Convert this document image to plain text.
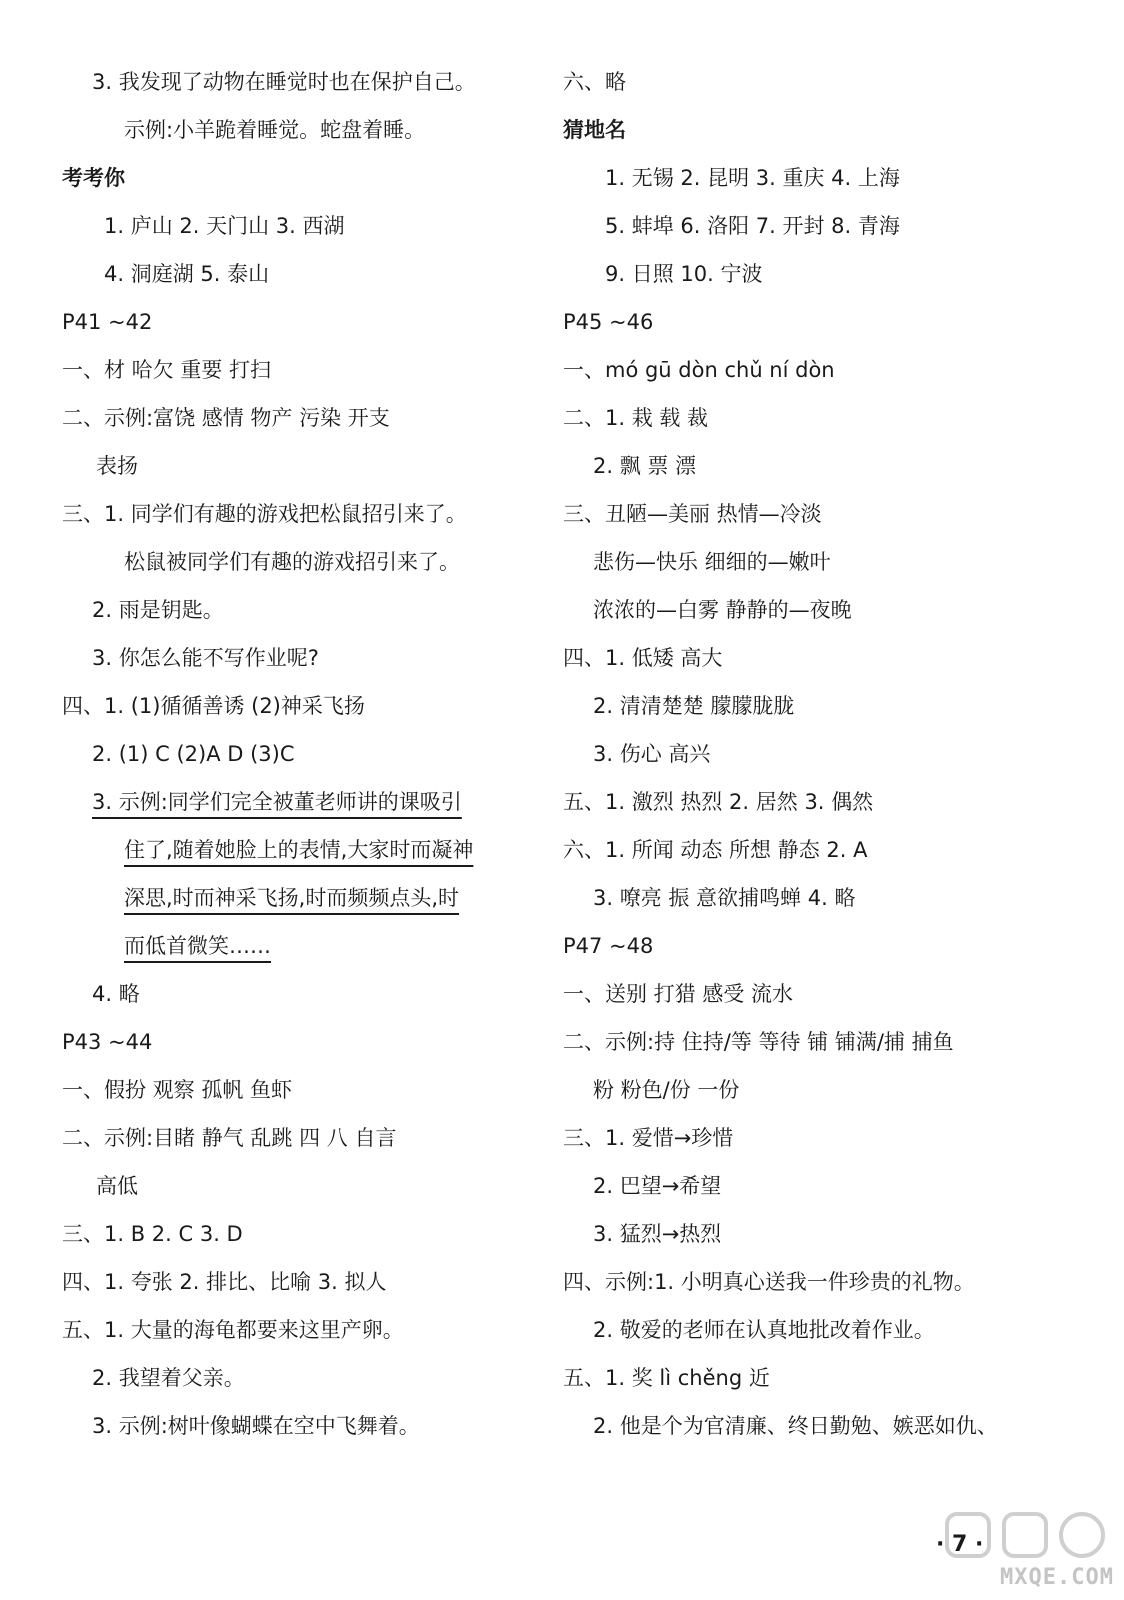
3. 我发现了动物在睡觉时也在保护自己。
示例:小羊跪着睡觉。蛇盘着睡。
考考你
1. 庐山 2. 天门山 3. 西湖
4. 洞庭湖 5. 泰山
P41 ~42
一、材 哈欠 重要 打扫
二、示例:富饶 感情 物产 污染 开支
表扬
三、1. 同学们有趣的游戏把松鼠招引来了。
松鼠被同学们有趣的游戏招引来了。
2. 雨是钥匙。
3. 你怎么能不写作业呢?
四、1. (1)循循善诱 (2)神采飞扬
2. (1) C (2)A D (3)C
3. 示例:同学们完全被董老师讲的课吸引
住了,随着她脸上的表情,大家时而凝神
深思,时而神采飞扬,时而频频点头,时
而低首微笑……
4. 略
P43 ~44
一、假扮 观察 孤帆 鱼虾
二、示例:目睹 静气 乱跳 四 八 自言
高低
三、1. B 2. C 3. D
四、1. 夸张 2. 排比、比喻 3. 拟人
五、1. 大量的海龟都要来这里产卵。
2. 我望着父亲。
3. 示例:树叶像蝴蝶在空中飞舞着。
六、略
猜地名
1. 无锡 2. 昆明 3. 重庆 4. 上海
5. 蚌埠 6. 洛阳 7. 开封 8. 青海
9. 日照 10. 宁波
P45 ~46
一、mó gū dòn chǔ ní dòn
二、1. 栽 载 裁
2. 飘 票 漂
三、丑陋—美丽 热情—冷淡
悲伤—快乐 细细的—嫩叶
浓浓的—白雾 静静的—夜晚
四、1. 低矮 高大
2. 清清楚楚 朦朦胧胧
3. 伤心 高兴
五、1. 激烈 热烈 2. 居然 3. 偶然
六、1. 所闻 动态 所想 静态 2. A
3. 嘹亮 振 意欲捕鸣蝉 4. 略
P47 ~48
一、送别 打猎 感受 流水
二、示例:持 住持/等 等待 铺 铺满/捕 捕鱼
粉 粉色/份 一份
三、1. 爱惜→珍惜
2. 巴望→希望
3. 猛烈→热烈
四、示例:1. 小明真心送我一件珍贵的礼物。
2. 敬爱的老师在认真地批改着作业。
五、1. 奖 lì chěng 近
2. 他是个为官清廉、终日勤勉、嫉恶如仇、
· 7 ·
MXQE.COM
